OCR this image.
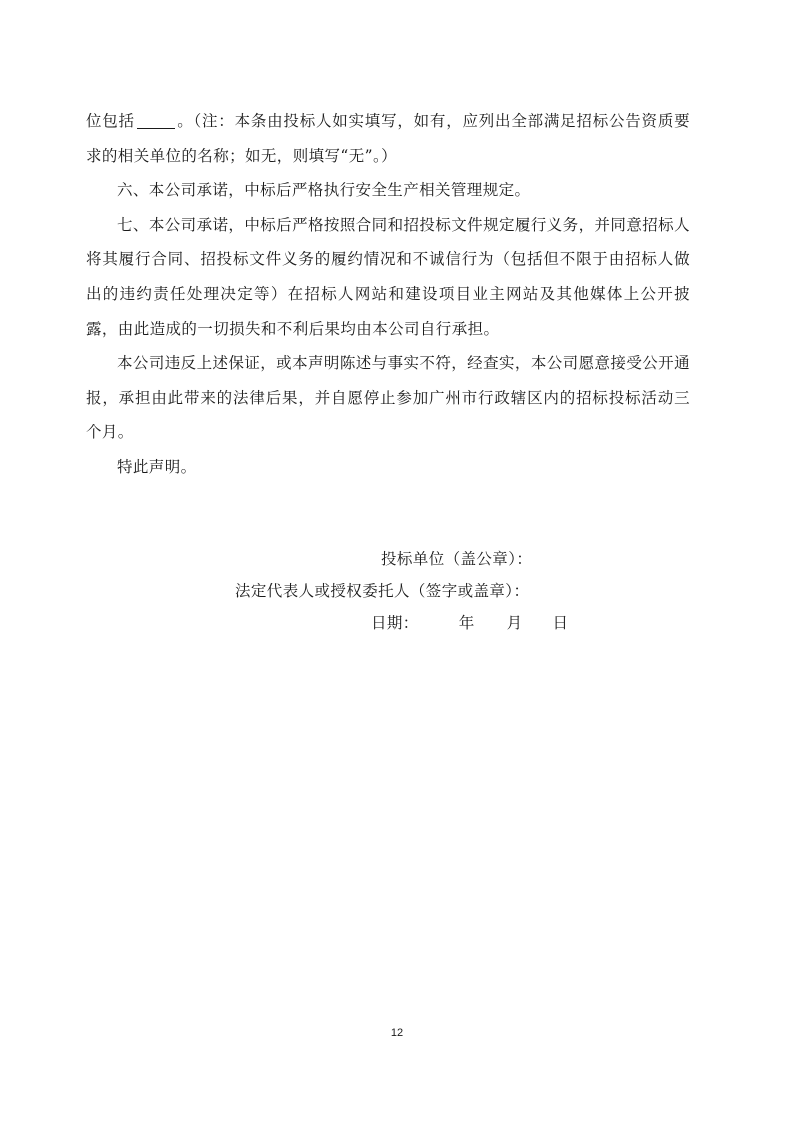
位包括	。（注：本条由投标人如实填写，如有，应列出全部满足招标公告资质要求的相关单位的名称；如无，则填写“无”。）

六、本公司承诺，中标后严格执行安全生产相关管理规定。

七、本公司承诺，中标后严格按照合同和招投标文件规定履行义务，并同意招标人将其履行合同、招投标文件义务的履约情况和不诚信行为（包括但不限于由招标人做出的违约责任处理决定等）在招标人网站和建设项目业主网站及其他媒体上公开披露，由此造成的一切损失和不利后果均由本公司自行承担。

本公司违反上述保证，或本声明陈述与事实不符，经查实，本公司愿意接受公开通报，承担由此带来的法律后果，并自愿停止参加广州市行政辖区内的招标投标活动三个月。

特此声明。

投标单位（盖公章）：
法定代表人或授权委托人（签字或盖章）：
日期：	年 月 日
12
